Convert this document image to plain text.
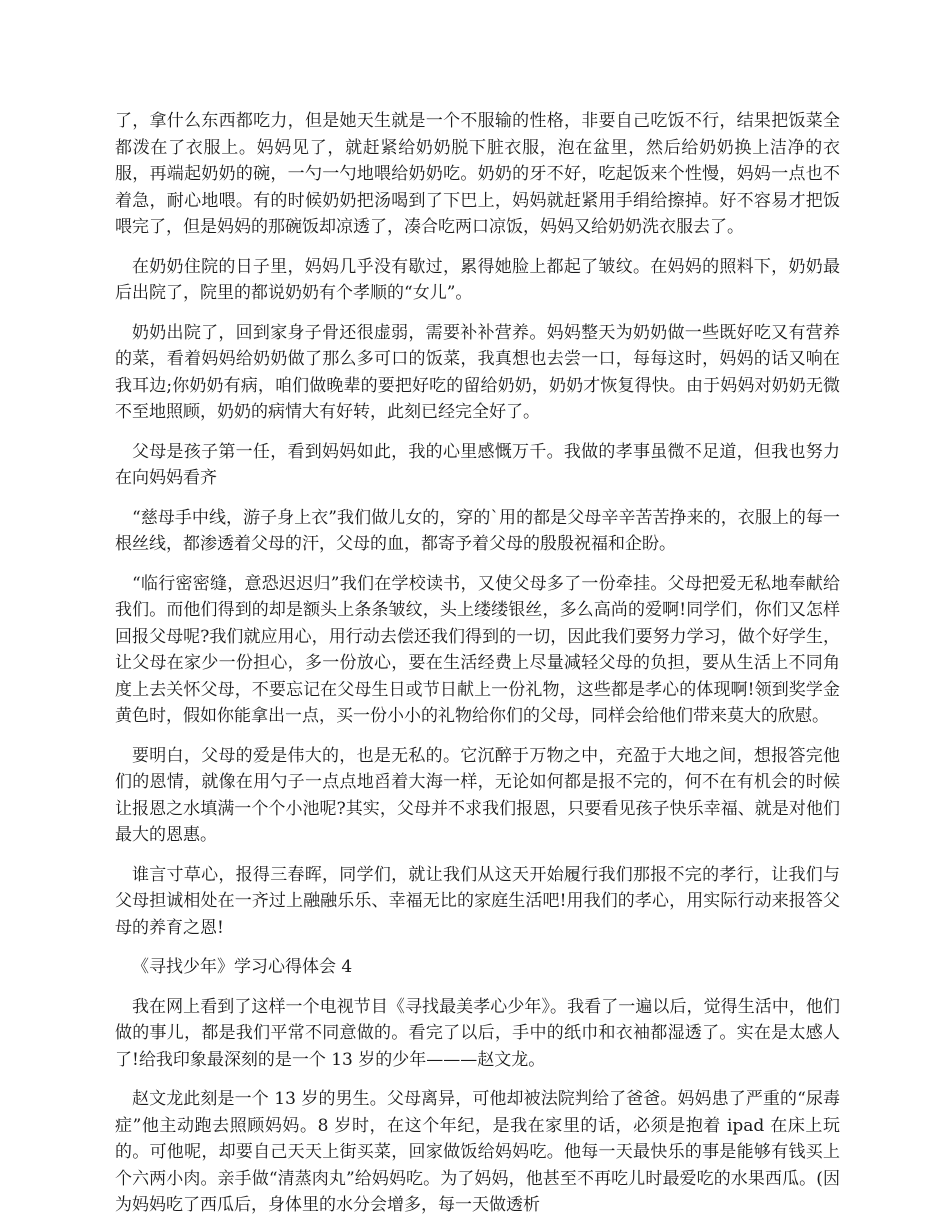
了，拿什么东西都吃力，但是她天生就是一个不服输的性格，非要自己吃饭不行，结果把饭菜全都泼在了衣服上。妈妈见了，就赶紧给奶奶脱下脏衣服，泡在盆里，然后给奶奶换上洁净的衣服，再端起奶奶的碗，一勺一勺地喂给奶奶吃。奶奶的牙不好，吃起饭来个性慢，妈妈一点也不着急，耐心地喂。有的时候奶奶把汤喝到了下巴上，妈妈就赶紧用手绢给擦掉。好不容易才把饭喂完了，但是妈妈的那碗饭却凉透了，凑合吃两口凉饭，妈妈又给奶奶洗衣服去了。

在奶奶住院的日子里，妈妈几乎没有歇过，累得她脸上都起了皱纹。在妈妈的照料下，奶奶最后出院了，院里的都说奶奶有个孝顺的“女儿”。

奶奶出院了，回到家身子骨还很虚弱，需要补补营养。妈妈整天为奶奶做一些既好吃又有营养的菜，看着妈妈给奶奶做了那么多可口的饭菜，我真想也去尝一口，每每这时，妈妈的话又响在我耳边;你奶奶有病，咱们做晚辈的要把好吃的留给奶奶，奶奶才恢复得快。由于妈妈对奶奶无微不至地照顾，奶奶的病情大有好转，此刻已经完全好了。

父母是孩子第一任，看到妈妈如此，我的心里感慨万千。我做的孝事虽微不足道，但我也努力在向妈妈看齐

“慈母手中线，游子身上衣”我们做儿女的，穿的`用的都是父母辛辛苦苦挣来的，衣服上的每一根丝线，都渗透着父母的汗，父母的血，都寄予着父母的殷殷祝福和企盼。

“临行密密缝，意恐迟迟归”我们在学校读书，又使父母多了一份牵挂。父母把爱无私地奉献给我们。而他们得到的却是额头上条条皱纹，头上缕缕银丝，多么高尚的爱啊!同学们，你们又怎样回报父母呢?我们就应用心，用行动去偿还我们得到的一切，因此我们要努力学习，做个好学生，让父母在家少一份担心，多一份放心，要在生活经费上尽量减轻父母的负担，要从生活上不同角度上去关怀父母，不要忘记在父母生日或节日献上一份礼物，这些都是孝心的体现啊!领到奖学金黄色时，假如你能拿出一点，买一份小小的礼物给你们的父母，同样会给他们带来莫大的欣慰。

要明白，父母的爱是伟大的，也是无私的。它沉醉于万物之中，充盈于大地之间，想报答完他们的恩情，就像在用勺子一点点地舀着大海一样，无论如何都是报不完的，何不在有机会的时候让报恩之水填满一个个小池呢?其实，父母并不求我们报恩，只要看见孩子快乐幸福、就是对他们最大的恩惠。

谁言寸草心，报得三春晖，同学们，就让我们从这天开始履行我们那报不完的孝行，让我们与父母担诚相处在一齐过上融融乐乐、幸福无比的家庭生活吧!用我们的孝心，用实际行动来报答父母的养育之恩!

《寻找少年》学习心得体会 4

我在网上看到了这样一个电视节目《寻找最美孝心少年》。我看了一遍以后，觉得生活中，他们做的事儿，都是我们平常不同意做的。看完了以后，手中的纸巾和衣袖都湿透了。实在是太感人了!给我印象最深刻的是一个 13 岁的少年———赵文龙。

赵文龙此刻是一个 13 岁的男生。父母离异，可他却被法院判给了爸爸。妈妈患了严重的“尿毒症”他主动跑去照顾妈妈。8 岁时，在这个年纪，是我在家里的话，必须是抱着 ipad 在床上玩的。可他呢，却要自己天天上街买菜，回家做饭给妈妈吃。他每一天最快乐的事是能够有钱买上个六两小肉。亲手做“清蒸肉丸”给妈妈吃。为了妈妈，他甚至不再吃儿时最爱吃的水果西瓜。(因为妈妈吃了西瓜后，身体里的水分会增多，每一天做透析
